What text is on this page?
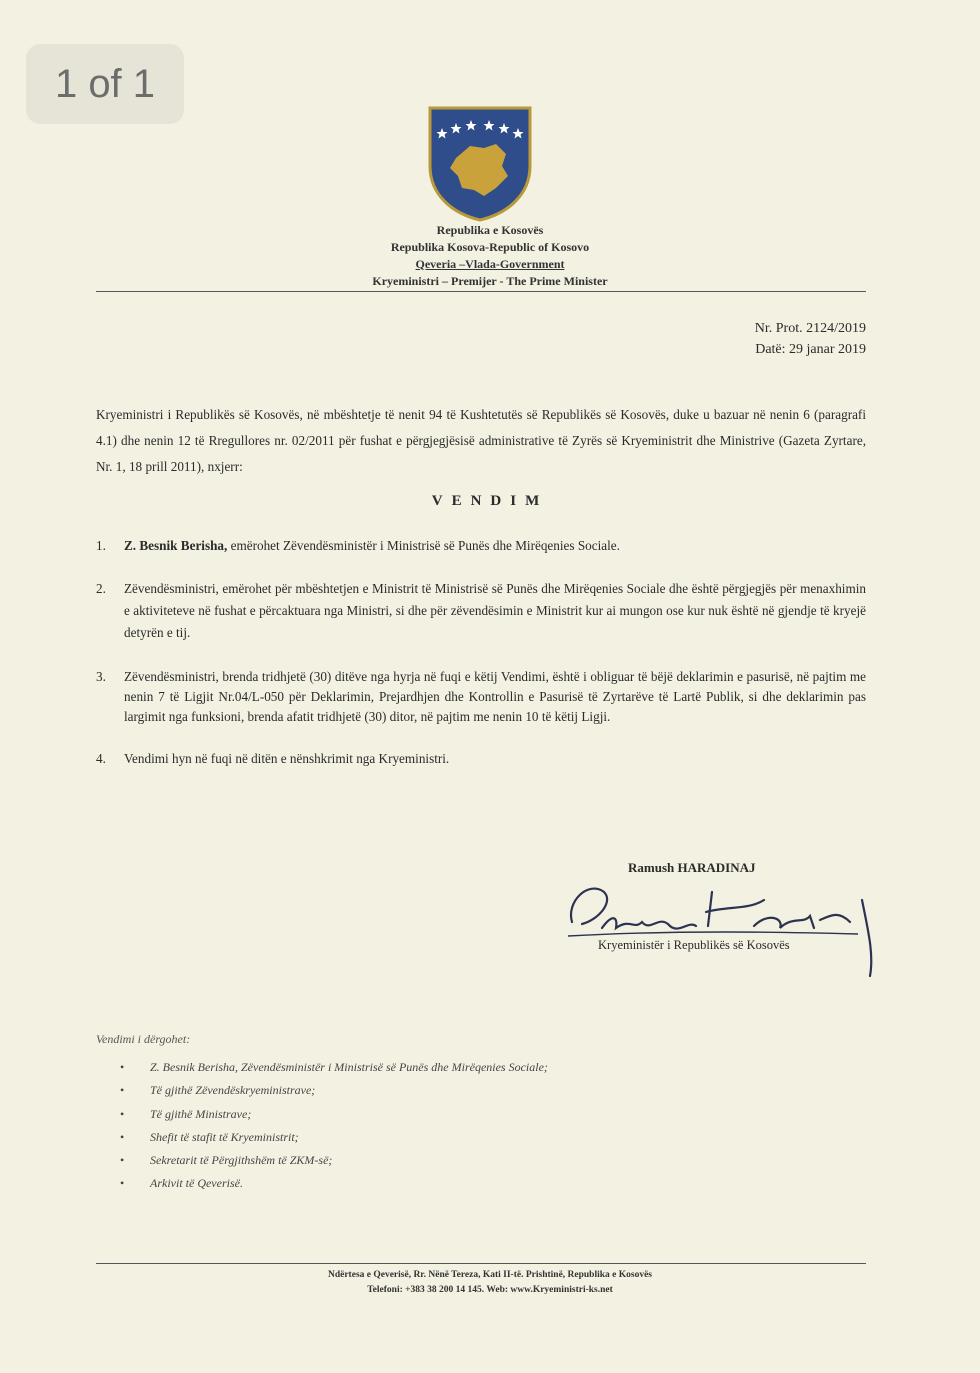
1 of 1
Republika e Kosovës
Republika Kosova-Republic of Kosovo
Qeveria –Vlada-Government
Kryeministri – Premijer - The Prime Minister
Nr. Prot. 2124/2019
Datë: 29 janar 2019
Kryeministri i Republikës së Kosovës, në mbështetje të nenit 94 të Kushtetutës së Republikës së Kosovës, duke u bazuar në nenin 6 (paragrafi 4.1) dhe nenin 12 të Rregullores nr. 02/2011 për fushat e përgjegjësisë administrative të Zyrës së Kryeministrit dhe Ministrive (Gazeta Zyrtare, Nr. 1, 18 prill 2011), nxjerr:
VENDIM
1. Z. Besnik Berisha, emërohet Zëvendësministër i Ministrisë së Punës dhe Mirëqenies Sociale.
2. Zëvendësministri, emërohet për mbështetjen e Ministrit të Ministrisë së Punës dhe Mirëqenies Sociale dhe është përgjegjës për menaxhimin e aktiviteteve në fushat e përcaktuara nga Ministri, si dhe për zëvendësimin e Ministrit kur ai mungon ose kur nuk është në gjendje të kryejë detyrën e tij.
3. Zëvendësministri, brenda tridhjetë (30) ditëve nga hyrja në fuqi e këtij Vendimi, është i obliguar të bëjë deklarimin e pasurisë, në pajtim me nenin 7 të Ligjit Nr.04/L-050 për Deklarimin, Prejardhjen dhe Kontrollin e Pasurisë të Zyrtarëve të Lartë Publik, si dhe deklarimin pas largimit nga funksioni, brenda afatit tridhjetë (30) ditor, në pajtim me nenin 10 të këtij Ligji.
4. Vendimi hyn në fuqi në ditën e nënshkrimit nga Kryeministri.
Ramush HARADINAJ
Kryeministër i Republikës së Kosovës
Vendimi i dërgohet:
• Z. Besnik Berisha, Zëvendësministër i Ministrisë së Punës dhe Mirëqenies Sociale;
• Të gjithë Zëvendëskryeministrave;
• Të gjithë Ministrave;
• Shefit të stafit të Kryeministrit;
• Sekretarit të Përgjithshëm të ZKM-së;
• Arkivit të Qeverisë.
Ndërtesa e Qeverisë, Rr. Nënë Tereza, Kati II-të. Prishtinë, Republika e Kosovës
Telefoni: +383 38 200 14 145. Web: www.Kryeministri-ks.net
